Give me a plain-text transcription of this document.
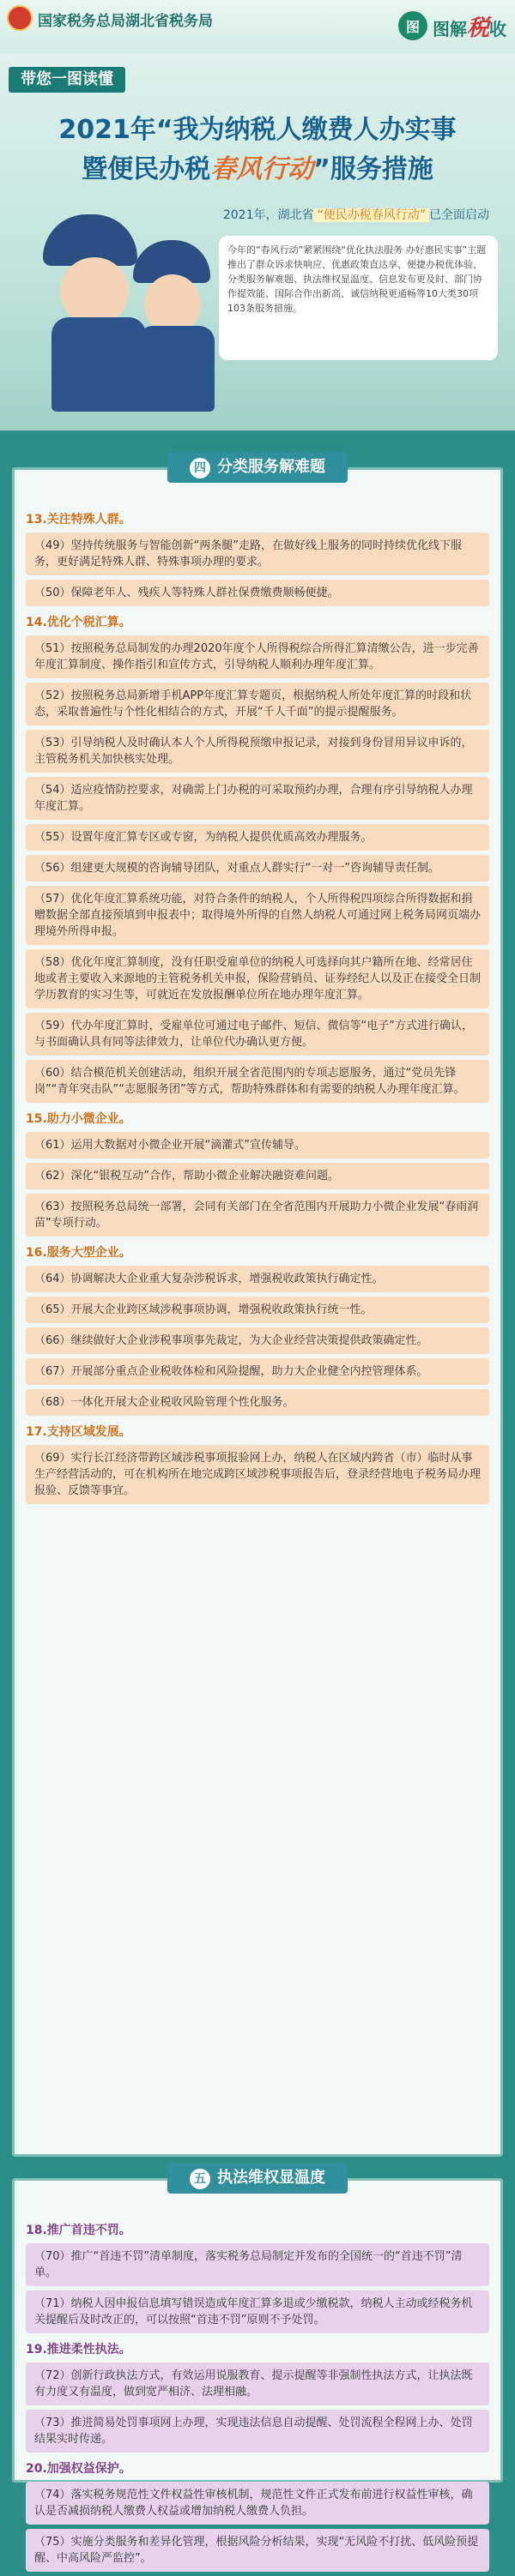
国家税务总局湖北省税务局	图 图解税收
带您一图读懂
2021年“我为纳税人缴费人办实事
暨便民办税春风行动”服务措施
2021年，湖北省 “便民办税春风行动” 已全面启动
今年的“春风行动”紧紧围绕“优化执法服务 办好惠民实事”主题推出了群众诉求快响应、优惠政策直达享、便捷办税优体验、分类服务解难题、执法维权显温度、信息发布更及时、部门协作提效能、国际合作出新高、诚信纳税更通畅等10大类30项103条服务措施。
四 分类服务解难题
13.关注特殊人群。
（49）坚持传统服务与智能创新“两条腿”走路，在做好线上服务的同时持续优化线下服务，更好满足特殊人群、特殊事项办理的要求。
（50）保障老年人、残疾人等特殊人群社保费缴费顺畅便捷。
14.优化个税汇算。
（51）按照税务总局制发的办理2020年度个人所得税综合所得汇算清缴公告，进一步完善年度汇算制度、操作指引和宣传方式，引导纳税人顺利办理年度汇算。
（52）按照税务总局新增手机APP年度汇算专题页，根据纳税人所处年度汇算的时段和状态，采取普遍性与个性化相结合的方式，开展“千人千面”的提示提醒服务。
（53）引导纳税人及时确认本人个人所得税预缴申报记录，对接到身份冒用异议申诉的，主管税务机关加快核实处理。
（54）适应疫情防控要求，对确需上门办税的可采取预约办理，合理有序引导纳税人办理年度汇算。
（55）设置年度汇算专区或专窗，为纳税人提供优质高效办理服务。
（56）组建更大规模的咨询辅导团队，对重点人群实行“一对一”咨询辅导责任制。
（57）优化年度汇算系统功能，对符合条件的纳税人，个人所得税四项综合所得数据和捐赠数据全部直接预填到申报表中；取得境外所得的自然人纳税人可通过网上税务局网页端办理境外所得申报。
（58）优化年度汇算制度，没有任职受雇单位的纳税人可选择向其户籍所在地、经常居住地或者主要收入来源地的主管税务机关申报，保险营销员、证券经纪人以及正在接受全日制学历教育的实习生等，可就近在发放报酬单位所在地办理年度汇算。
（59）代办年度汇算时，受雇单位可通过电子邮件、短信、微信等“电子”方式进行确认，与书面确认具有同等法律效力，让单位代办确认更方便。
（60）结合模范机关创建活动，组织开展全省范围内的专项志愿服务，通过“党员先锋岗”“青年突击队”“志愿服务团”等方式，帮助特殊群体和有需要的纳税人办理年度汇算。
15.助力小微企业。
（61）运用大数据对小微企业开展“滴灌式”宣传辅导。
（62）深化“银税互动”合作，帮助小微企业解决融资难问题。
（63）按照税务总局统一部署，会同有关部门在全省范围内开展助力小微企业发展“春雨润苗”专项行动。
16.服务大型企业。
（64）协调解决大企业重大复杂涉税诉求，增强税收政策执行确定性。
（65）开展大企业跨区域涉税事项协调，增强税收政策执行统一性。
（66）继续做好大企业涉税事项事先裁定，为大企业经营决策提供政策确定性。
（67）开展部分重点企业税收体检和风险提醒，助力大企业健全内控管理体系。
（68）一体化开展大企业税收风险管理个性化服务。
17.支持区域发展。
（69）实行长江经济带跨区域涉税事项报验网上办，纳税人在区域内跨省（市）临时从事生产经营活动的，可在机构所在地完成跨区域涉税事项报告后，登录经营地电子税务局办理报验、反馈等事宜。
五 执法维权显温度
18.推广首违不罚。
（70）推广“首违不罚”清单制度，落实税务总局制定并发布的全国统一的“首违不罚”清单。
（71）纳税人因申报信息填写错误造成年度汇算多退或少缴税款，纳税人主动或经税务机关提醒后及时改正的，可以按照“首违不罚”原则不予处罚。
19.推进柔性执法。
（72）创新行政执法方式，有效运用说服教育、提示提醒等非强制性执法方式，让执法既有力度又有温度，做到宽严相济、法理相融。
（73）推进简易处罚事项网上办理，实现违法信息自动提醒、处罚流程全程网上办、处罚结果实时传递。
20.加强权益保护。
（74）落实税务规范性文件权益性审核机制，规范性文件正式发布前进行权益性审核，确认是否减损纳税人缴费人权益或增加纳税人缴费人负担。
（75）实施分类服务和差异化管理，根据风险分析结果，实现“无风险不打扰、低风险预提醒、中高风险严监控”。
